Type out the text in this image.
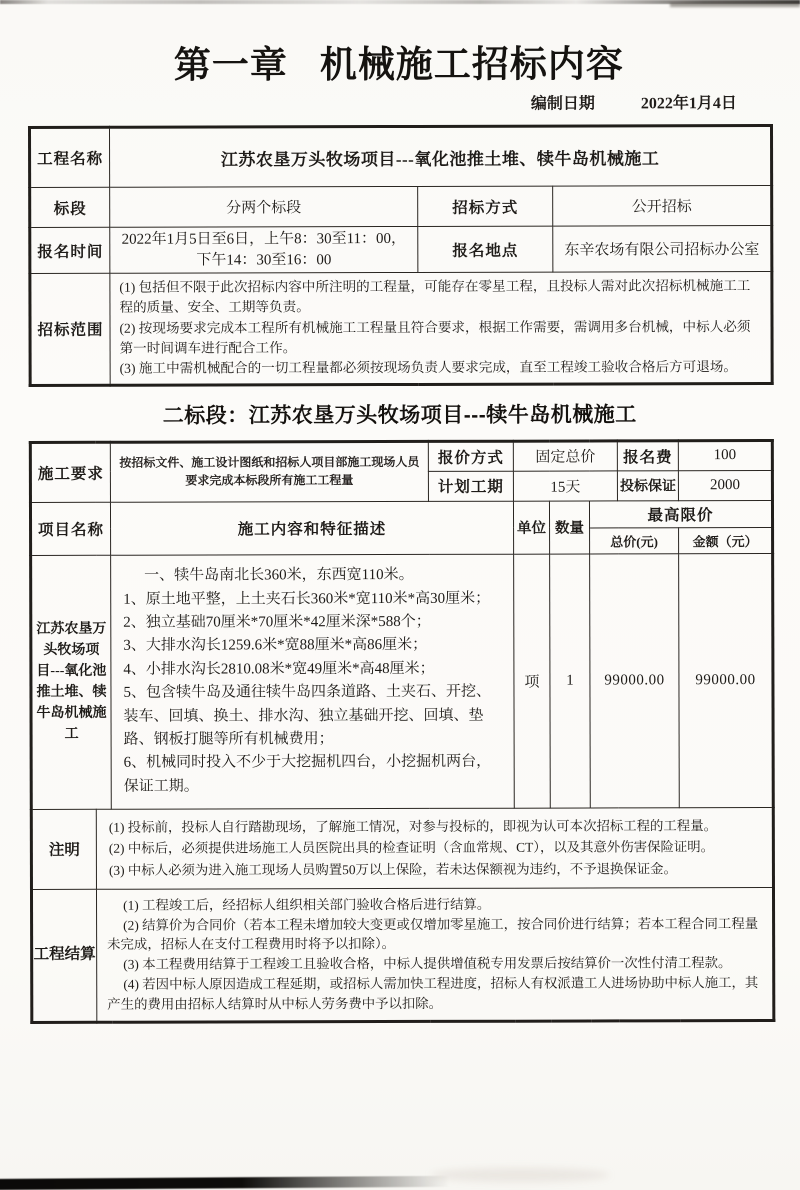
第一章 机械施工招标内容
编制日期	2022年1月4日
工程名称	江苏农垦万头牧场项目---氧化池推土堆、犊牛岛机械施工		
标段	分两个标段	招标方式	公开招标
报名时间	2022年1月5日至6日，上午8：30至11：00，下午14：30至16：00	报名地点	东辛农场有限公司招标办公室
招标范围	(1) 包括但不限于此次招标内容中所注明的工程量，可能存在零星工程，且投标人需对此次招标机械施工工程的质量、安全、工期等负责。
(2) 按现场要求完成本工程所有机械施工工程量且符合要求，根据工作需要，需调用多台机械，中标人必须第一时间调车进行配合工作。
(3) 施工中需机械配合的一切工程量都必须按现场负责人要求完成，直至工程竣工验收合格后方可退场。		
二标段：江苏农垦万头牧场项目---犊牛岛机械施工
施工要求		按招标文件、施工设计图纸和招标人项目部施工现场人员要求完成本标段所有施工工程量	报价方式	固定总价			报名费	100
			计划工期	15天			投标保证	2000
项目名称		施工内容和特征描述		单位	数量	最高限价		
						总价(元)		金额（元）
江苏农垦万头牧场项目---氧化池推土堆、犊牛岛机械施工	
一、犊牛岛南北长360米，东西宽110米。
1、原土地平整，上土夹石长360米*宽110米*高30厘米；
2、独立基础70厘米*70厘米*42厘米深*588个；
3、大排水沟长1259.6米*宽88厘米*高86厘米；
4、小排水沟长2810.08米*宽49厘米*高48厘米；
5、包含犊牛岛及通往犊牛岛四条道路、土夹石、开挖、装车、回填、换土、排水沟、独立基础开挖、回填、垫路、钢板打腿等所有机械费用；
6、机械同时投入不少于大挖掘机四台，小挖掘机两台，保证工期。
	项	1	99000.00	99000.00
注明	(1) 投标前，投标人自行踏勘现场，了解施工情况，对参与投标的，即视为认可本次招标工程的工程量。
(2) 中标后，必须提供进场施工人员医院出具的检查证明（含血常规、CT），以及其意外伤害保险证明。
(3) 中标人必须为进入施工现场人员购置50万以上保险，若未达保额视为违约，不予退换保证金。							

工程结算	(1) 工程竣工后，经招标人组织相关部门验收合格后进行结算。
(2) 结算价为合同价（若本工程未增加较大变更或仅增加零星施工，按合同价进行结算；若本工程合同工程量未完成，招标人在支付工程费用时将予以扣除）。
(3) 本工程费用结算于工程竣工且验收合格，中标人提供增值税专用发票后按结算价一次性付清工程款。
(4) 若因中标人原因造成工程延期，或招标人需加快工程进度，招标人有权派遣工人进场协助中标人施工，其产生的费用由招标人结算时从中标人劳务费中予以扣除。							
